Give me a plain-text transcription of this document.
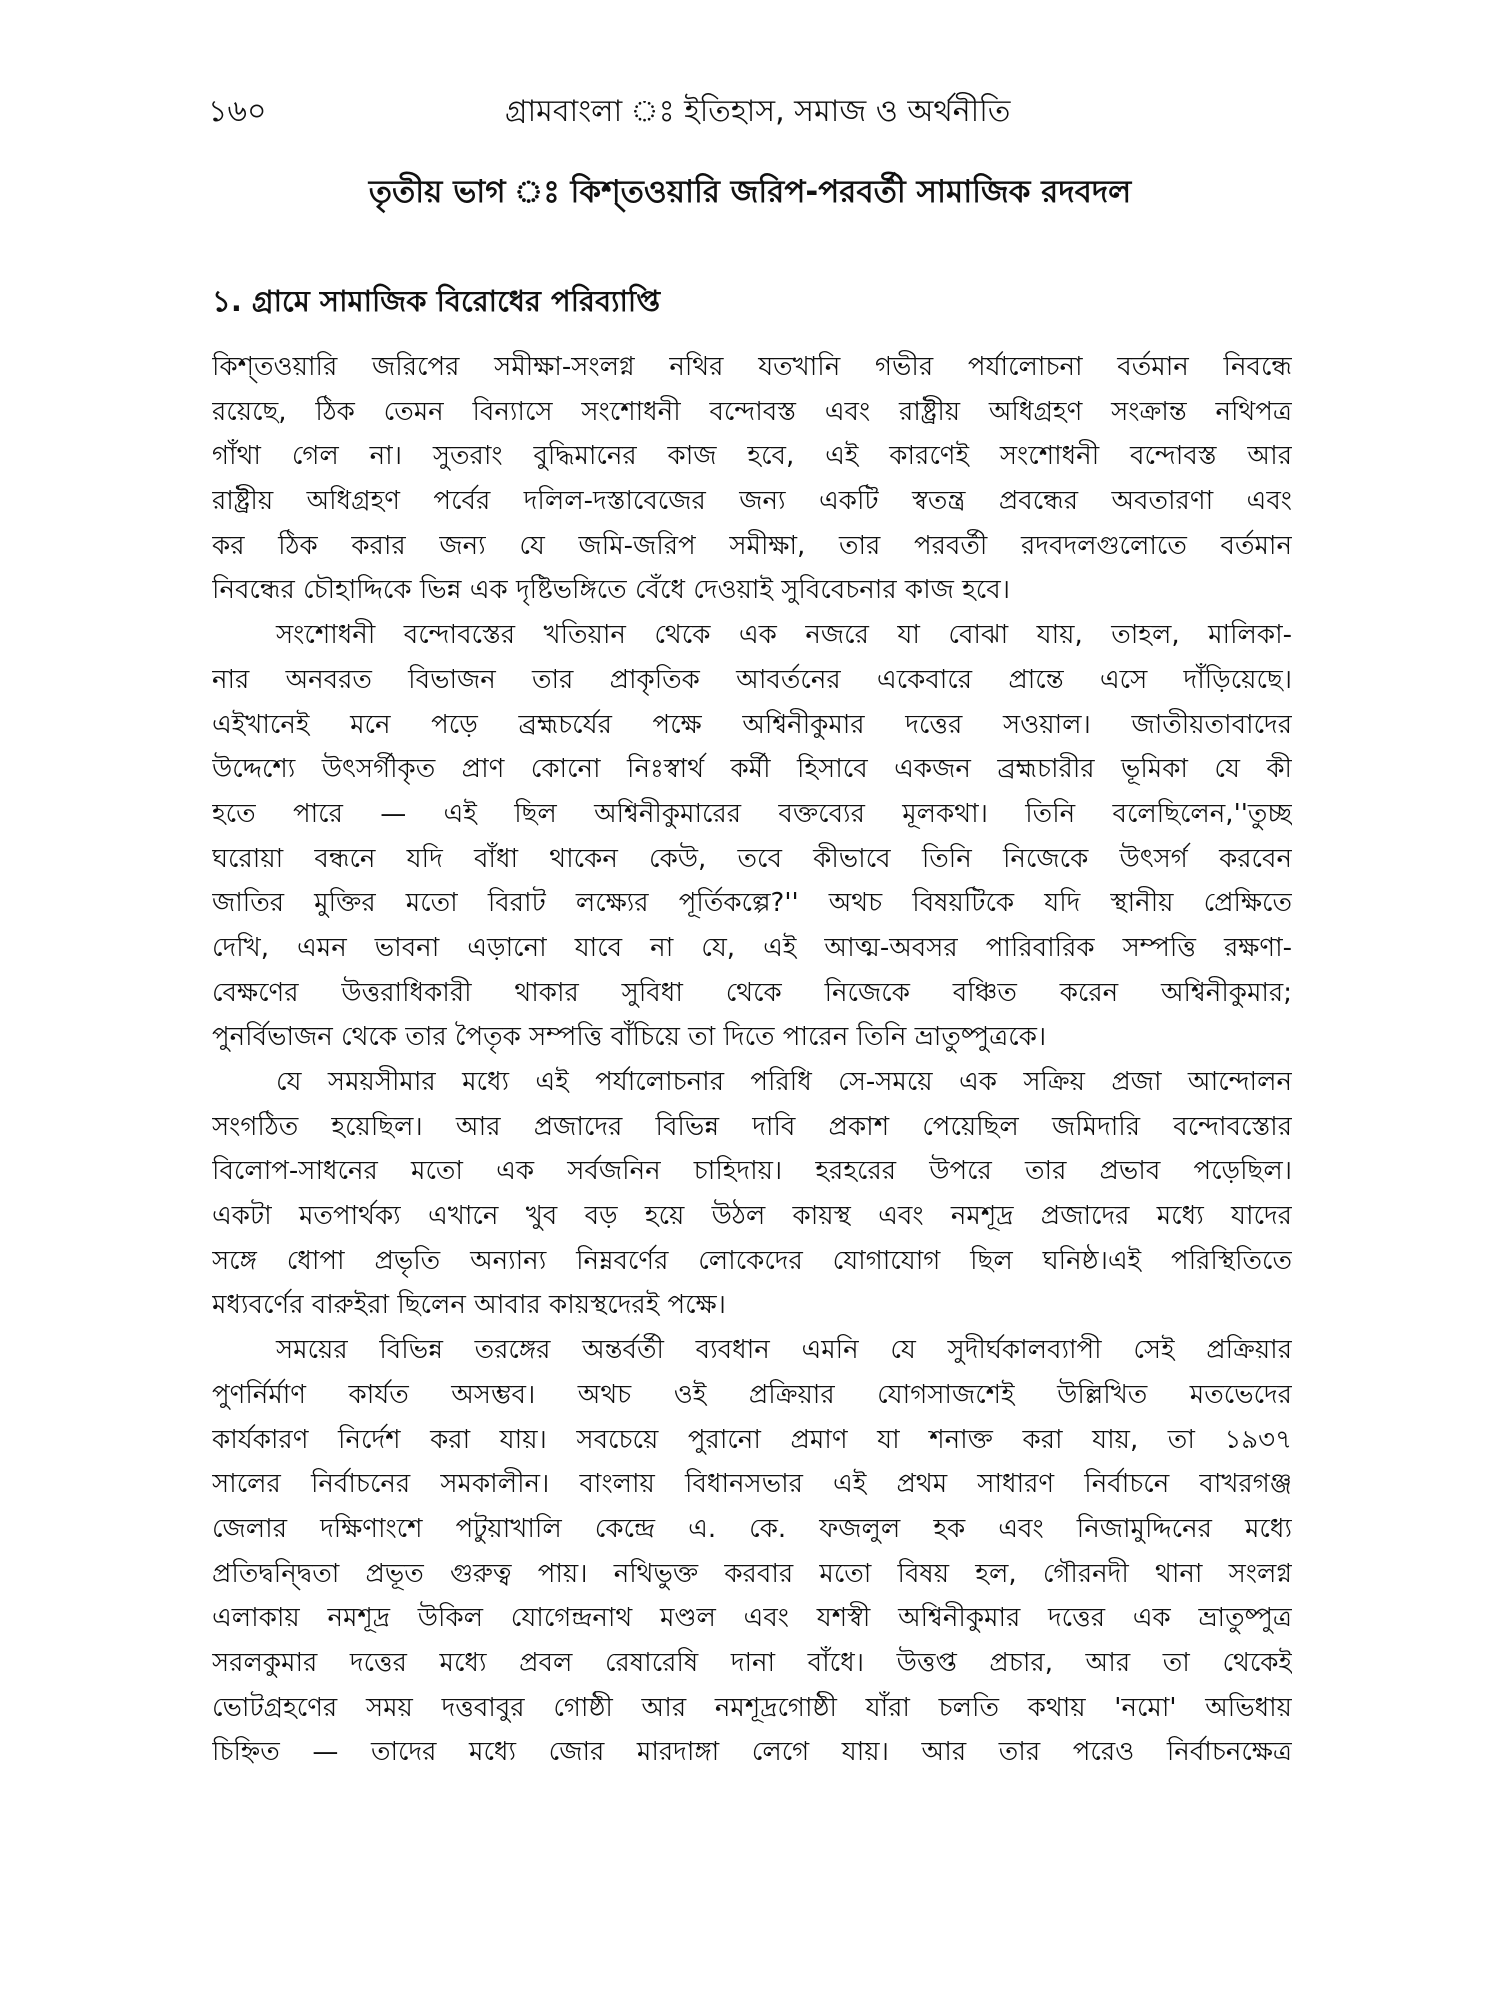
১৬০	গ্রামবাংলা ঃ ইতিহাস, সমাজ ও অর্থনীতি
তৃতীয় ভাগ ঃ কিশ্‌তওয়ারি জরিপ-পরবর্তী সামাজিক রদবদল
১. গ্রামে সামাজিক বিরোধের পরিব্যাপ্তি
কিশ্‌তওয়ারি জরিপের সমীক্ষা-সংলগ্ন নথির যতখানি গভীর পর্যালোচনা বর্তমান নিবন্ধে
রয়েছে, ঠিক তেমন বিন্যাসে সংশোধনী বন্দোবস্ত এবং রাষ্ট্রীয় অধিগ্রহণ সংক্রান্ত নথিপত্র
গাঁথা গেল না। সুতরাং বুদ্ধিমানের কাজ হবে, এই কারণেই সংশোধনী বন্দোবস্ত আর
রাষ্ট্রীয় অধিগ্রহণ পর্বের দলিল-দস্তাবেজের জন্য একটি স্বতন্ত্র প্রবন্ধের অবতারণা এবং
কর ঠিক করার জন্য যে জমি-জরিপ সমীক্ষা, তার পরবর্তী রদবদলগুলোতে বর্তমান
নিবন্ধের চৌহাদ্দিকে ভিন্ন এক দৃষ্টিভঙ্গিতে বেঁধে দেওয়াই সুবিবেচনার কাজ হবে।
সংশোধনী বন্দোবস্তের খতিয়ান থেকে এক নজরে যা বোঝা যায়, তাহল, মালিকা-
নার অনবরত বিভাজন তার প্রাকৃতিক আবর্তনের একেবারে প্রান্তে এসে দাঁড়িয়েছে।
এইখানেই মনে পড়ে ব্রহ্মচর্যের পক্ষে অশ্বিনীকুমার দত্তের সওয়াল। জাতীয়তাবাদের
উদ্দেশ্যে উৎসর্গীকৃত প্রাণ কোনো নিঃস্বার্থ কর্মী হিসাবে একজন ব্রহ্মচারীর ভূমিকা যে কী
হতে পারে — এই ছিল অশ্বিনীকুমারের বক্তব্যের মূলকথা। তিনি বলেছিলেন,''তুচ্ছ
ঘরোয়া বন্ধনে যদি বাঁধা থাকেন কেউ, তবে কীভাবে তিনি নিজেকে উৎসর্গ করবেন
জাতির মুক্তির মতো বিরাট লক্ষ্যের পূর্তিকল্পে?'' অথচ বিষয়টিকে যদি স্থানীয় প্রেক্ষিতে
দেখি, এমন ভাবনা এড়ানো যাবে না যে, এই আত্ম-অবসর পারিবারিক সম্পত্তি রক্ষণা-
বেক্ষণের উত্তরাধিকারী থাকার সুবিধা থেকে নিজেকে বঞ্চিত করেন অশ্বিনীকুমার;
পুনর্বিভাজন থেকে তার পৈতৃক সম্পত্তি বাঁচিয়ে তা দিতে পারেন তিনি ভ্রাতুষ্পুত্রকে।
যে সময়সীমার মধ্যে এই পর্যালোচনার পরিধি সে-সময়ে এক সক্রিয় প্রজা আন্দোলন
সংগঠিত হয়েছিল। আর প্রজাদের বিভিন্ন দাবি প্রকাশ পেয়েছিল জমিদারি বন্দোবস্তোর
বিলোপ-সাধনের মতো এক সর্বজনিন চাহিদায়। হরহরের উপরে তার প্রভাব পড়েছিল।
একটা মতপার্থক্য এখানে খুব বড় হয়ে উঠল কায়স্থ এবং নমশূদ্র প্রজাদের মধ্যে যাদের
সঙ্গে ধোপা প্রভৃতি অন্যান্য নিম্নবর্ণের লোকেদের যোগাযোগ ছিল ঘনিষ্ঠ।এই পরিস্থিতিতে
মধ্যবর্ণের বারুইরা ছিলেন আবার কায়স্থদেরই পক্ষে।
সময়ের বিভিন্ন তরঙ্গের অন্তর্বর্তী ব্যবধান এমনি যে সুদীর্ঘকালব্যাপী সেই প্রক্রিয়ার
পুণর্নির্মাণ কার্যত অসম্ভব। অথচ ওই প্রক্রিয়ার যোগসাজশেই উল্লিখিত মতভেদের
কার্যকারণ নির্দেশ করা যায়। সবচেয়ে পুরানো প্রমাণ যা শনাক্ত করা যায়, তা ১৯৩৭
সালের নির্বাচনের সমকালীন। বাংলায় বিধানসভার এই প্রথম সাধারণ নির্বাচনে বাখরগঞ্জ
জেলার দক্ষিণাংশে পটুয়াখালি কেন্দ্রে এ. কে. ফজলুল হক এবং নিজামুদ্দিনের মধ্যে
প্রতিদ্বন্দ্বিতা প্রভূত গুরুত্ব পায়। নথিভুক্ত করবার মতো বিষয় হল, গৌরনদী থানা সংলগ্ন
এলাকায় নমশূদ্র উকিল যোগেন্দ্রনাথ মণ্ডল এবং যশস্বী অশ্বিনীকুমার দত্তের এক ভ্রাতুষ্পুত্র
সরলকুমার দত্তের মধ্যে প্রবল রেষারেষি দানা বাঁধে। উত্তপ্ত প্রচার, আর তা থেকেই
ভোটগ্রহণের সময় দত্তবাবুর গোষ্ঠী আর নমশূদ্রগোষ্ঠী যাঁরা চলতি কথায় 'নমো' অভিধায়
চিহ্নিত — তাদের মধ্যে জোর মারদাঙ্গা লেগে যায়। আর তার পরেও নির্বাচনক্ষেত্র
